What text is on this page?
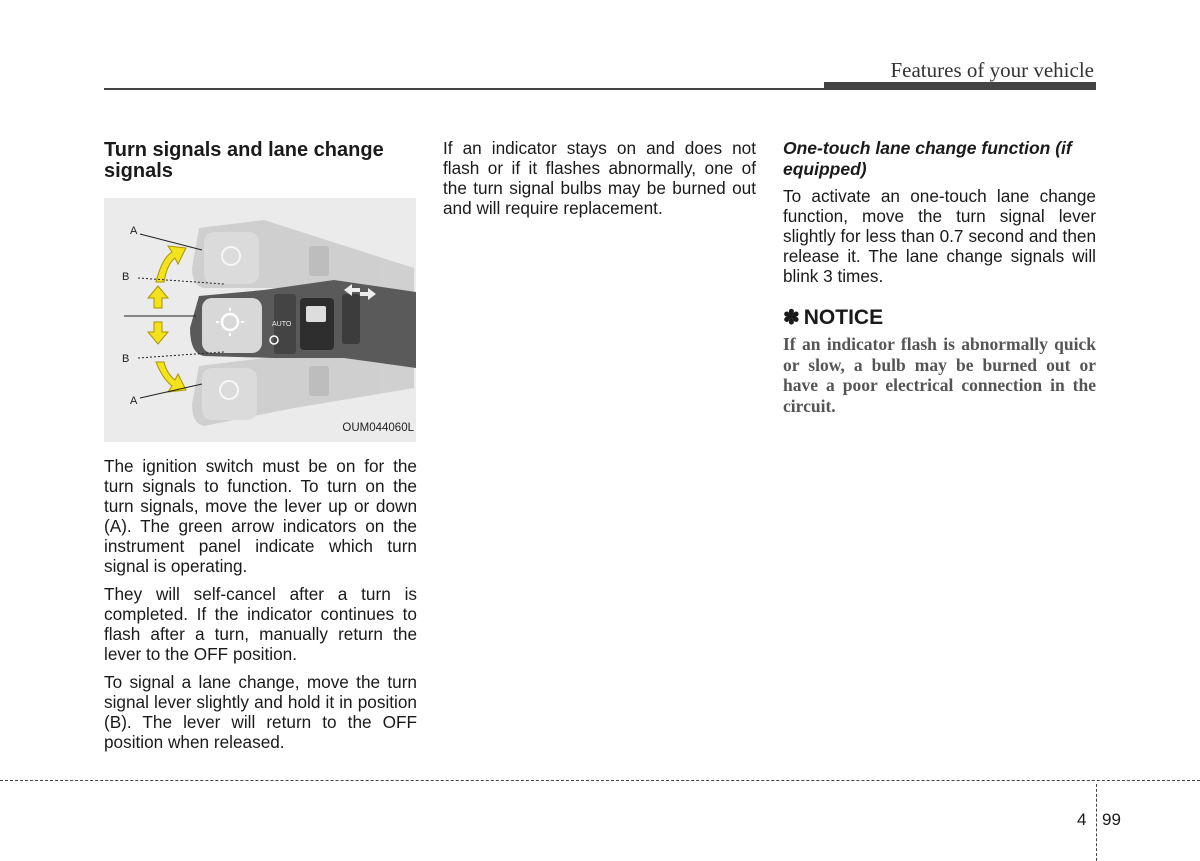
Features of your vehicle
Turn signals and lane change signals
AUTO
A
B
B
A
OUM044060L

The ignition switch must be on for the turn signals to function. To turn on the turn signals, move the lever up or down (A). The green arrow indicators on the instrument panel indicate which turn signal is operating.

They will self-cancel after a turn is completed. If the indicator continues to flash after a turn, manually return the lever to the OFF position.

To signal a lane change, move the turn signal lever slightly and hold it in position (B). The lever will return to the OFF position when released.

If an indicator stays on and does not flash or if it flashes abnormally, one of the turn signal bulbs may be burned out and will require replacement.

One-touch lane change function (if equipped)

To activate an one-touch lane change function, move the turn signal lever slightly for less than 0.7 second and then release it. The lane change signals will blink 3 times.

✽ NOTICE

If an indicator flash is abnormally quick or slow, a bulb may be burned out or have a poor electrical connection in the circuit.

4 99
